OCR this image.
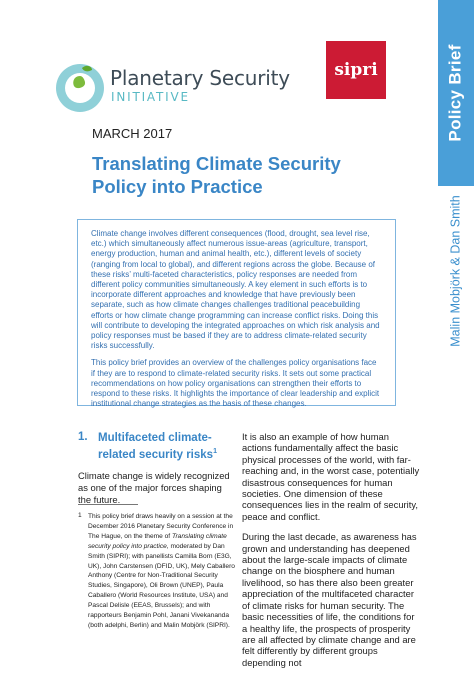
Policy Brief
Malin Mobjörk & Dan Smith
Planetary Security
INITIATIVE
sipri
MARCH 2017
Translating Climate Security
Policy into Practice

Climate change involves different consequences (flood, drought, sea level rise, etc.) which simultaneously affect numerous issue-areas (agriculture, transport, energy production, human and animal health, etc.), different levels of society (ranging from local to global), and different regions across the globe. Because of these risks’ multi-faceted characteristics, policy responses are needed from different policy communities simultaneously. A key element in such efforts is to incorporate different approaches and knowledge that have previously been separate, such as how climate changes challenges traditional peacebuilding efforts or how climate change programming can increase conflict risks. Doing this will contribute to developing the integrated approaches on which risk analysis and policy responses must be based if they are to address climate-related security risks successfully.

This policy brief provides an overview of the challenges policy organisations face if they are to respond to climate-related security risks. It sets out some practical recommendations on how policy organisations can strengthen their efforts to respond to these risks. It highlights the importance of clear leadership and explicit institutional change strategies as the basis of these changes.

1. Multifaceted climate-related security risks$^1$
Climate change is widely recognized as one of the major forces shaping the future.
1 This policy brief draws heavily on a session at the December 2016 Planetary Security Conference in The Hague, on the theme of Translating climate security policy into practice, moderated by Dan Smith (SIPRI); with panellists Camilla Born (E3G, UK), John Carstensen (DFID, UK), Mely Caballero Anthony (Centre for Non-Traditional Security Studies, Singapore), Oli Brown (UNEP), Paula Caballero (World Resources Institute, USA) and Pascal Delisle (EEAS, Brussels); and with rapporteurs Benjamin Pohl, Janani Vivekananda (both adelphi, Berlin) and Malin Mobjörk (SIPRI).

It is also an example of how human actions fundamentally affect the basic physical processes of the world, with far-reaching and, in the worst case, potentially disastrous consequences for human societies. One dimension of these consequences lies in the realm of security, peace and conflict.

During the last decade, as awareness has grown and understanding has deepened about the large-scale impacts of climate change on the biosphere and human livelihood, so has there also been greater appreciation of the multifaceted character of climate risks for human security. The basic necessities of life, the conditions for a healthy life, the prospects of prosperity are all affected by climate change and are felt differently by different groups depending not
